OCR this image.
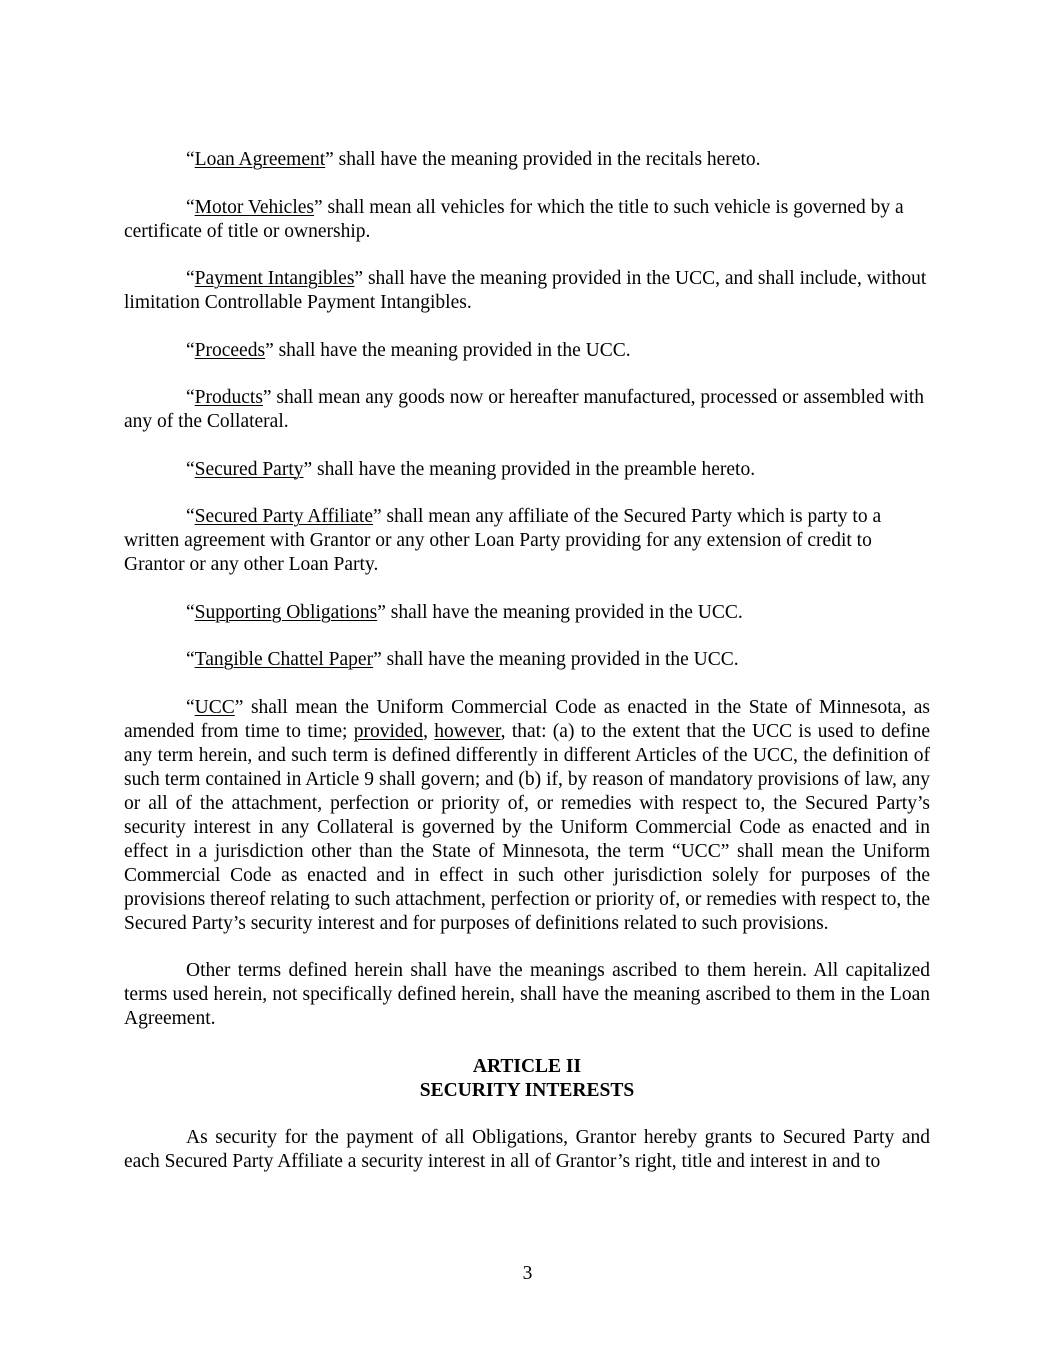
“Loan Agreement” shall have the meaning provided in the recitals hereto.

“Motor Vehicles” shall mean all vehicles for which the title to such vehicle is governed by a certificate of title or ownership.

“Payment Intangibles” shall have the meaning provided in the UCC, and shall include, without limitation Controllable Payment Intangibles.

“Proceeds” shall have the meaning provided in the UCC.

“Products” shall mean any goods now or hereafter manufactured, processed or assembled with any of the Collateral.

“Secured Party” shall have the meaning provided in the preamble hereto.

“Secured Party Affiliate” shall mean any affiliate of the Secured Party which is party to a written agreement with Grantor or any other Loan Party providing for any extension of credit to Grantor or any other Loan Party.

“Supporting Obligations” shall have the meaning provided in the UCC.

“Tangible Chattel Paper” shall have the meaning provided in the UCC.

“UCC” shall mean the Uniform Commercial Code as enacted in the State of Minnesota, as amended from time to time; provided, however, that: (a) to the extent that the UCC is used to define any term herein, and such term is defined differently in different Articles of the UCC, the definition of such term contained in Article 9 shall govern; and (b) if, by reason of mandatory provisions of law, any or all of the attachment, perfection or priority of, or remedies with respect to, the Secured Party’s security interest in any Collateral is governed by the Uniform Commercial Code as enacted and in effect in a jurisdiction other than the State of Minnesota, the term “UCC” shall mean the Uniform Commercial Code as enacted and in effect in such other jurisdiction solely for purposes of the provisions thereof relating to such attachment, perfection or priority of, or remedies with respect to, the Secured Party’s security interest and for purposes of definitions related to such provisions.

Other terms defined herein shall have the meanings ascribed to them herein. All capitalized terms used herein, not specifically defined herein, shall have the meaning ascribed to them in the Loan Agreement.

ARTICLE II
SECURITY INTERESTS

As security for the payment of all Obligations, Grantor hereby grants to Secured Party and each Secured Party Affiliate a security interest in all of Grantor’s right, title and interest in and to

3
